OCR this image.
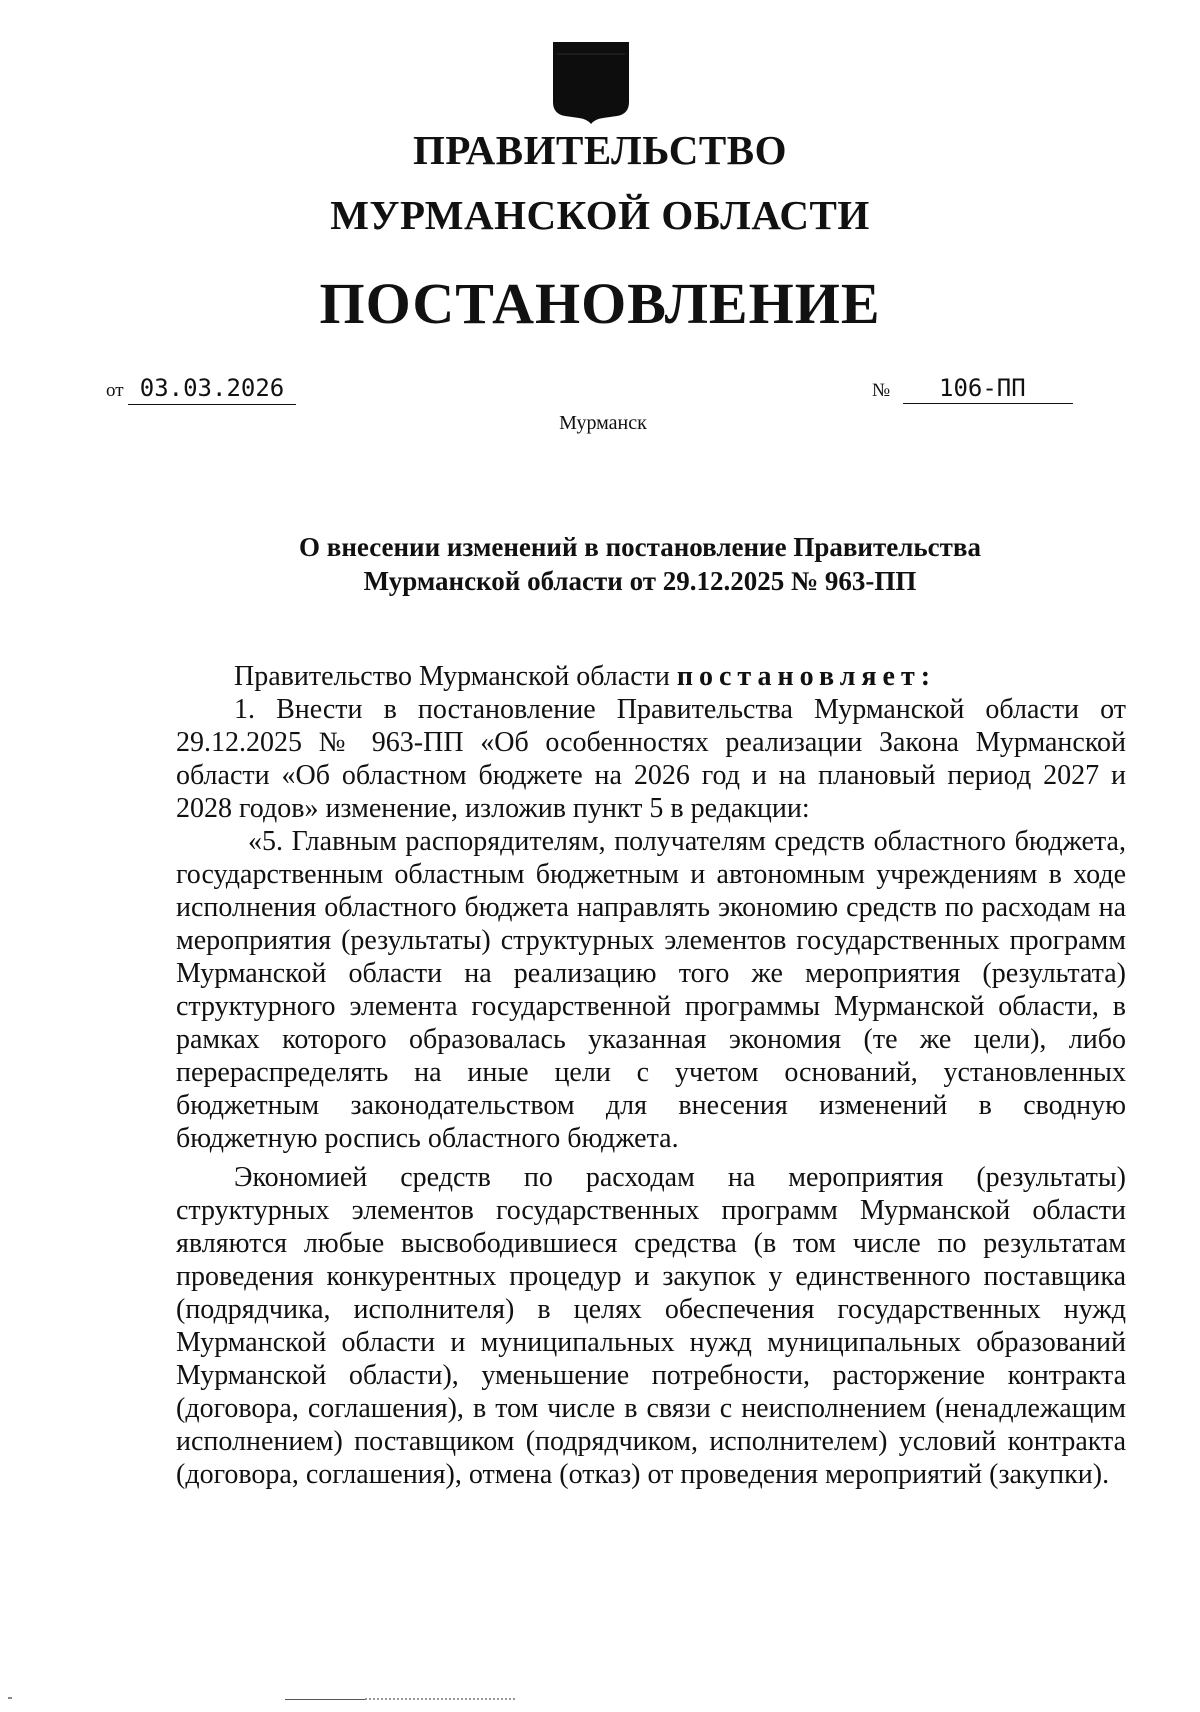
ПРАВИТЕЛЬСТВО
МУРМАНСКОЙ ОБЛАСТИ
ПОСТАНОВЛЕНИЕ
от 03.03.2026	№	106-ПП
Мурманск
О внесении изменений в постановление Правительства
Мурманской области от 29.12.2025 № 963-ПП

Правительство Мурманской области постановляет:

1. Внести в постановление Правительства Мурманской области от 29.12.2025 № 963-ПП «Об особенностях реализации Закона Мурманской области «Об областном бюджете на 2026 год и на плановый период 2027 и 2028 годов» изменение, изложив пункт 5 в редакции:

«5. Главным распорядителям, получателям средств областного бюджета, государственным областным бюджетным и автономным учреждениям в ходе исполнения областного бюджета направлять экономию средств по расходам на мероприятия (результаты) структурных элементов государственных программ Мурманской области на реализацию того же мероприятия (результата) структурного элемента государственной программы Мурманской области, в рамках которого образовалась указанная экономия (те же цели), либо перераспределять на иные цели с учетом оснований, установленных бюджетным законодательством для внесения изменений в сводную бюджетную роспись областного бюджета.

Экономией средств по расходам на мероприятия (результаты) структурных элементов государственных программ Мурманской области являются любые высвободившиеся средства (в том числе по результатам проведения конкурентных процедур и закупок у единственного поставщика (подрядчика, исполнителя) в целях обеспечения государственных нужд Мурманской области и муниципальных нужд муниципальных образований Мурманской области), уменьшение потребности, расторжение контракта (договора, соглашения), в том числе в связи с неисполнением (ненадлежащим исполнением) поставщиком (подрядчиком, исполнителем) условий контракта (договора, соглашения), отмена (отказ) от проведения мероприятий (закупки).
